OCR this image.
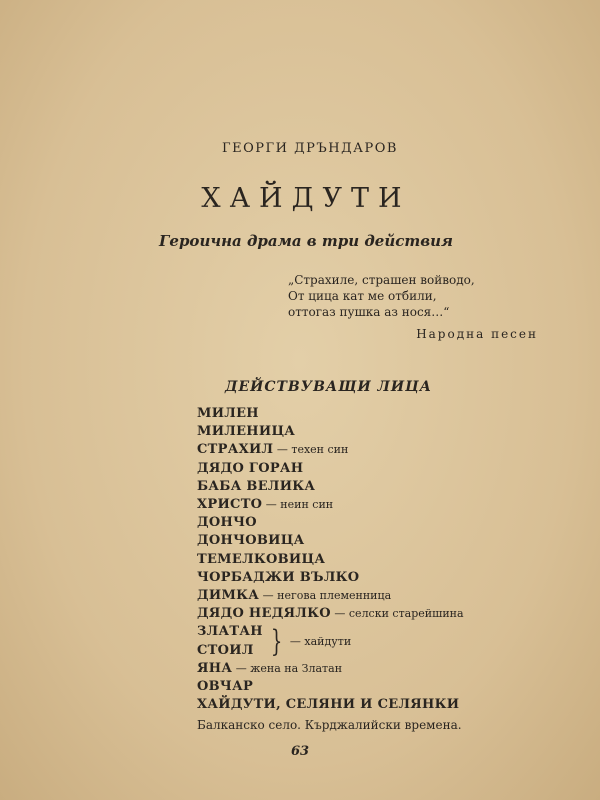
ГЕОРГИ ДРЪНДАРОВ
ХАЙДУТИ
Героична драма в три действия
„Страхиле, страшен войводо,
От цица кат ме отбили,
оттогаз пушка аз нося…“
Народна песен
ДЕЙСТВУВАЩИ ЛИЦА
МИЛЕН
МИЛЕНИЦА
СТРАХИЛ — техен син
ДЯДО ГОРАН
БАБА ВЕЛИКА
ХРИСТО — неин син
ДОНЧО
ДОНЧОВИЦА
ТЕМЕЛКОВИЦА
ЧОРБАДЖИ ВЪЛКО
ДИМКА — негова племенница
ДЯДО НЕДЯЛКО — селски старейшина
ЗЛАТАН
СТОИЛ } — хайдути
ЯНА — жена на Златан
ОВЧАР
ХАЙДУТИ, СЕЛЯНИ И СЕЛЯНКИ
Балканско село. Кърджалийски времена.
63
